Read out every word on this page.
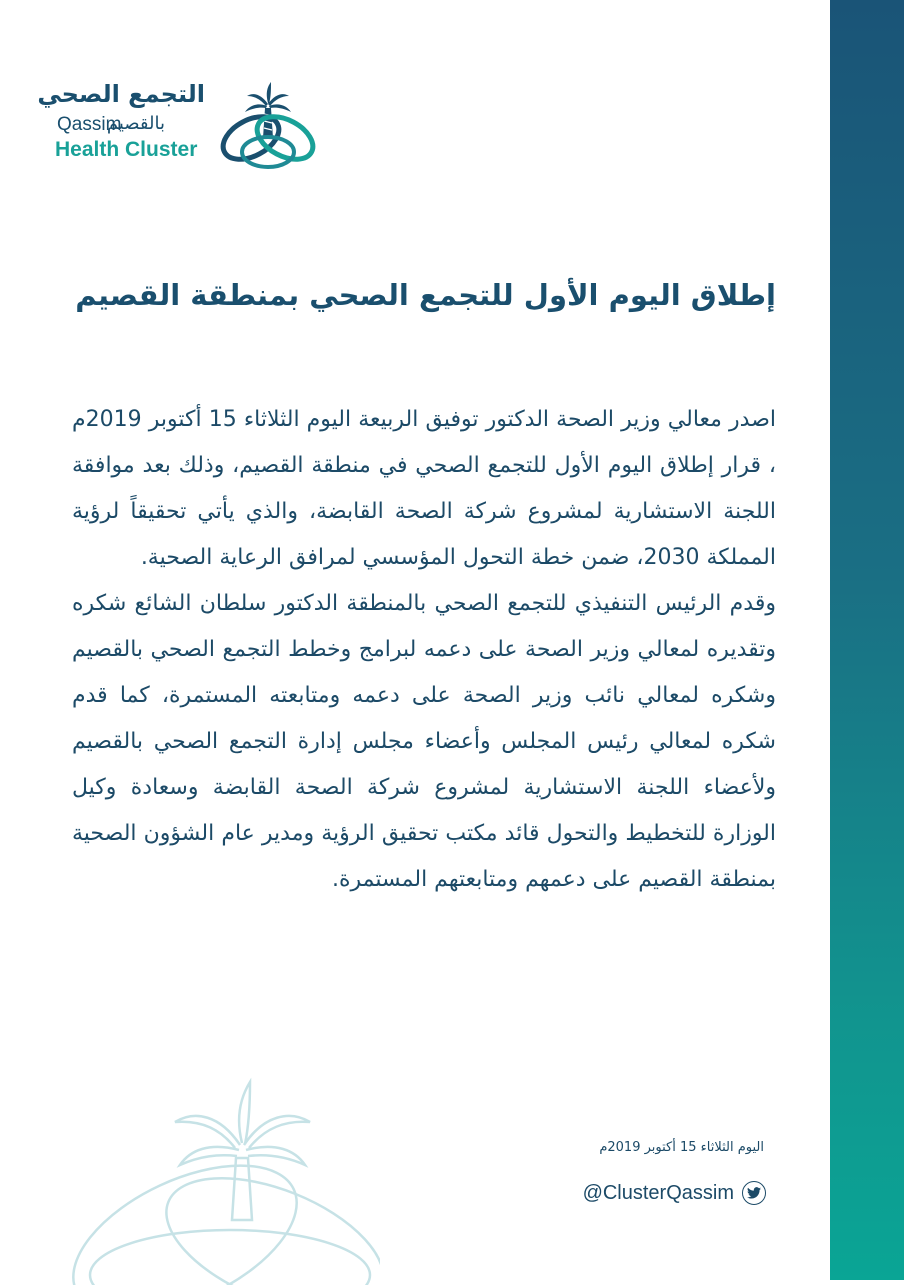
التجمع الصحي
بالقصيم
Qassim
Health Cluster
إطلاق اليوم الأول للتجمع الصحي بمنطقة القصيم

اصدر معالي وزير الصحة الدكتور توفيق الربيعة اليوم الثلاثاء 15 أكتوبر 2019م ، قرار إطلاق اليوم الأول للتجمع الصحي في منطقة القصيم، وذلك بعد موافقة اللجنة الاستشارية لمشروع شركة الصحة القابضة، والذي يأتي تحقيقاً لرؤية المملكة 2030، ضمن خطة التحول المؤسسي لمرافق الرعاية الصحية.

وقدم الرئيس التنفيذي للتجمع الصحي بالمنطقة الدكتور سلطان الشائع شكره وتقديره لمعالي وزير الصحة على دعمه لبرامج وخطط التجمع الصحي بالقصيم وشكره لمعالي نائب وزير الصحة على دعمه ومتابعته المستمرة، كما قدم شكره لمعالي رئيس المجلس وأعضاء مجلس إدارة التجمع الصحي بالقصيم ولأعضاء اللجنة الاستشارية لمشروع شركة الصحة القابضة وسعادة وكيل الوزارة للتخطيط والتحول قائد مكتب تحقيق الرؤية ومدير عام الشؤون الصحية بمنطقة القصيم على دعمهم ومتابعتهم المستمرة.

اليوم الثلاثاء 15 أكتوبر 2019م
@ClusterQassim
